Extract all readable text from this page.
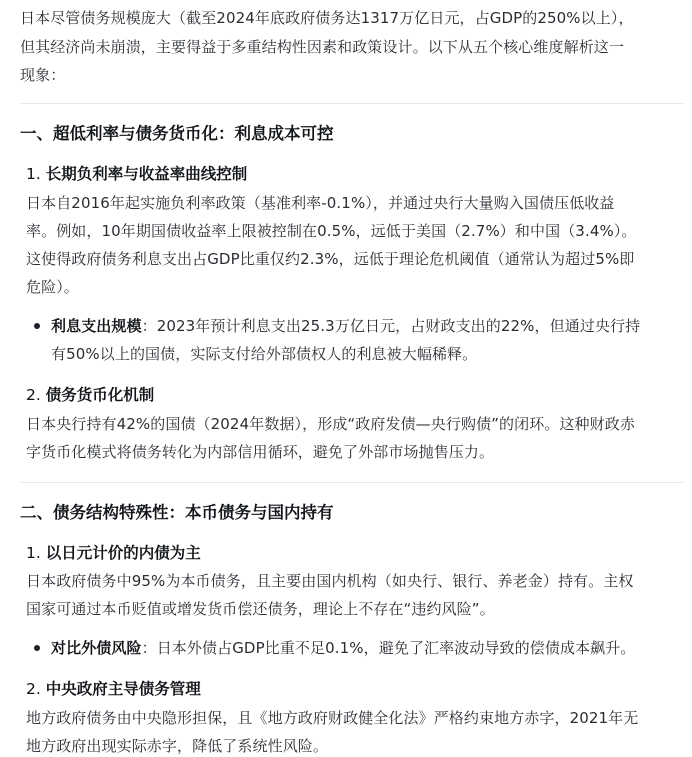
日本尽管债务规模庞大（截至2024年底政府债务达1317万亿日元，占GDP的250%以上），
但其经济尚未崩溃，主要得益于多重结构性因素和政策设计。以下从五个核心维度解析这一
现象：
一、超低利率与债务货币化：利息成本可控
1. 长期负利率与收益率曲线控制
日本自2016年起实施负利率政策（基准利率-0.1%），并通过央行大量购入国债压低收益
率。例如，10年期国债收益率上限被控制在0.5%，远低于美国（2.7%）和中国（3.4%）。
这使得政府债务利息支出占GDP比重仅约2.3%，远低于理论危机阈值（通常认为超过5%即
危险）。
利息支出规模：2023年预计利息支出25.3万亿日元，占财政支出的22%，但通过央行持
有50%以上的国债，实际支付给外部债权人的利息被大幅稀释。
2. 债务货币化机制
日本央行持有42%的国债（2024年数据），形成“政府发债—央行购债”的闭环。这种财政赤
字货币化模式将债务转化为内部信用循环，避免了外部市场抛售压力。
二、债务结构特殊性：本币债务与国内持有
1. 以日元计价的内债为主
日本政府债务中95%为本币债务，且主要由国内机构（如央行、银行、养老金）持有。主权
国家可通过本币贬值或增发货币偿还债务，理论上不存在“违约风险”。
对比外债风险：日本外债占GDP比重不足0.1%，避免了汇率波动导致的偿债成本飙升。
2. 中央政府主导债务管理
地方政府债务由中央隐形担保，且《地方政府财政健全化法》严格约束地方赤字，2021年无
地方政府出现实际赤字，降低了系统性风险。
